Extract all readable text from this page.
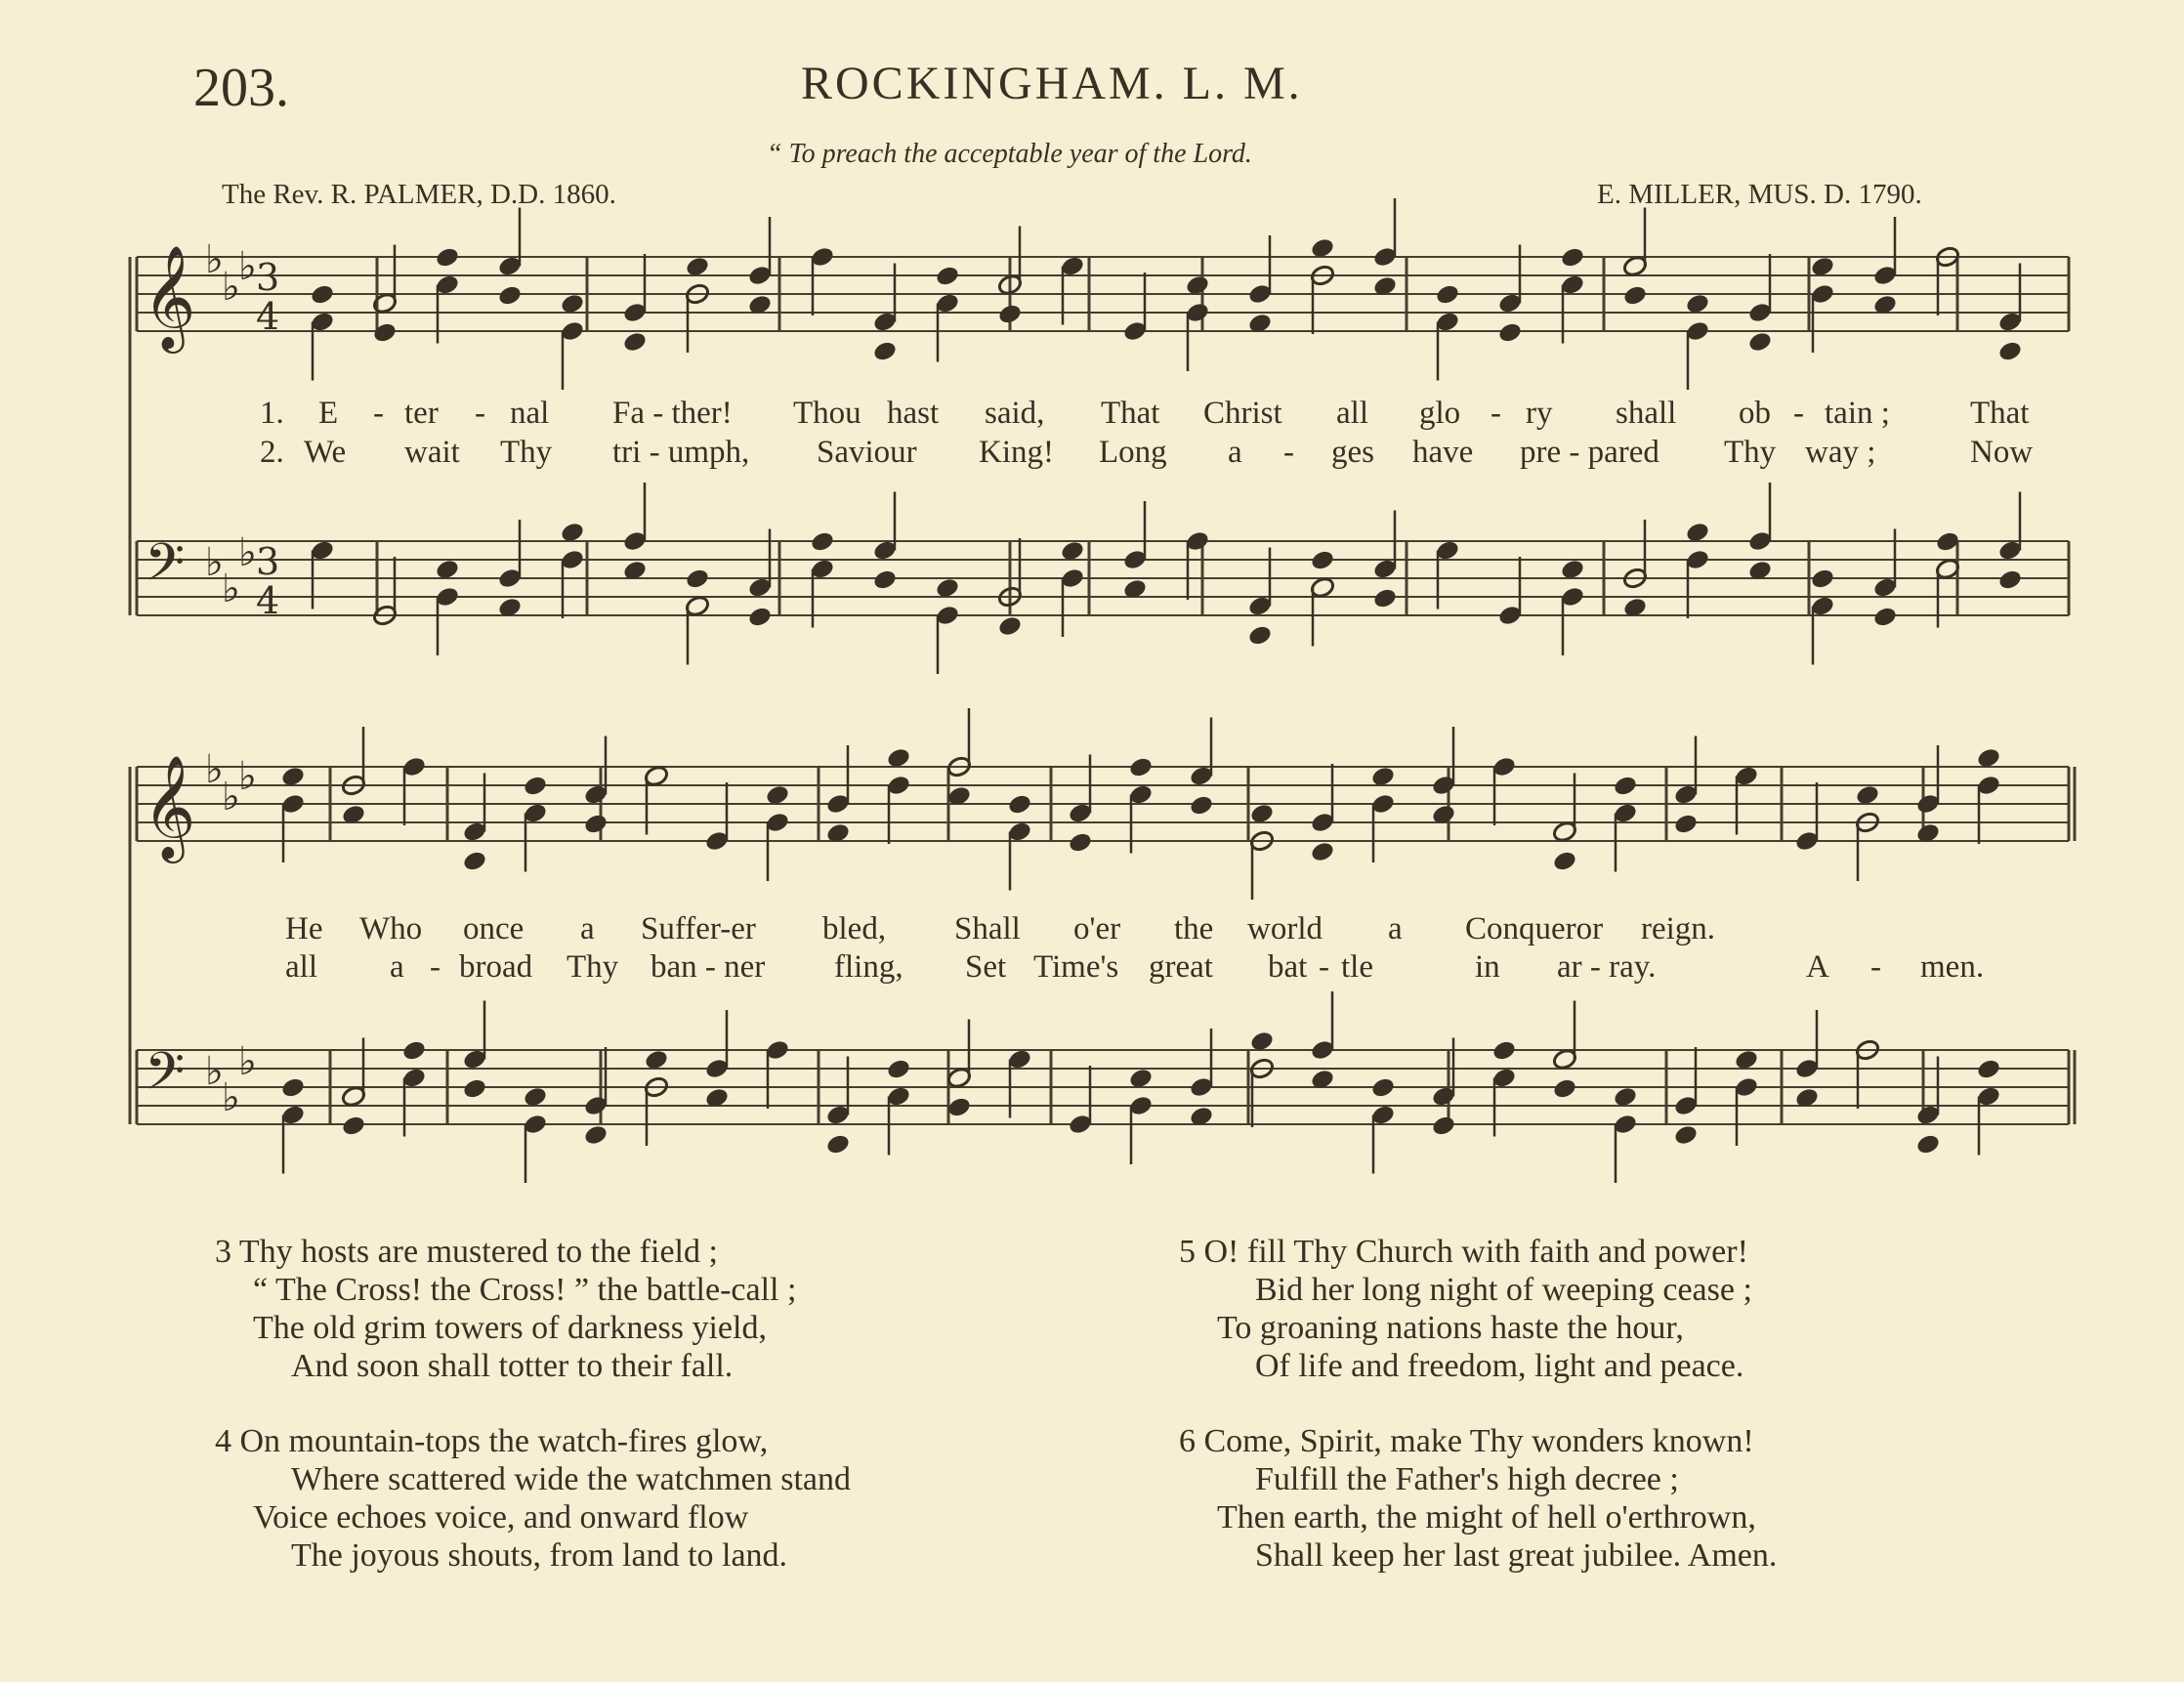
203.	ROCKINGHAM. L. M.
“ To preach the acceptable year of the Lord.
The Rev. R. PALMER, D.D. 1860.	E. MILLER, MUS. D. 1790.
𝄞 ♭
♭
♭ 3
4
𝄢 ♭
♭
♭ 3
4
𝄞 ♭
♭
♭
𝄢 ♭
♭
♭
1. E - ter - nal Fa - ther! Thou hast said, That Christ all glo - ry shall ob - tain ; That
2. We wait Thy tri - umph, Saviour King! Long a - ges have pre - pared Thy way ;	Now
He Who once a Suffer-er bled, Shall o'er the world a Conqueror reign.
all a - broad Thy ban - ner fling, Set Time's great bat - tle	in ar - ray.	A - men.
3 Thy hosts are mustered to the field ;
“ The Cross! the Cross! ” the battle-call ;
The old grim towers of darkness yield,
And soon shall totter to their fall.
4 On mountain-tops the watch-fires glow,
Where scattered wide the watchmen stand
Voice echoes voice, and onward flow
The joyous shouts, from land to land.
5 O! fill Thy Church with faith and power!
Bid her long night of weeping cease ;
To groaning nations haste the hour,
Of life and freedom, light and peace.
6 Come, Spirit, make Thy wonders known!
Fulfill the Father's high decree ;
Then earth, the might of hell o'erthrown,
Shall keep her last great jubilee. Amen.
